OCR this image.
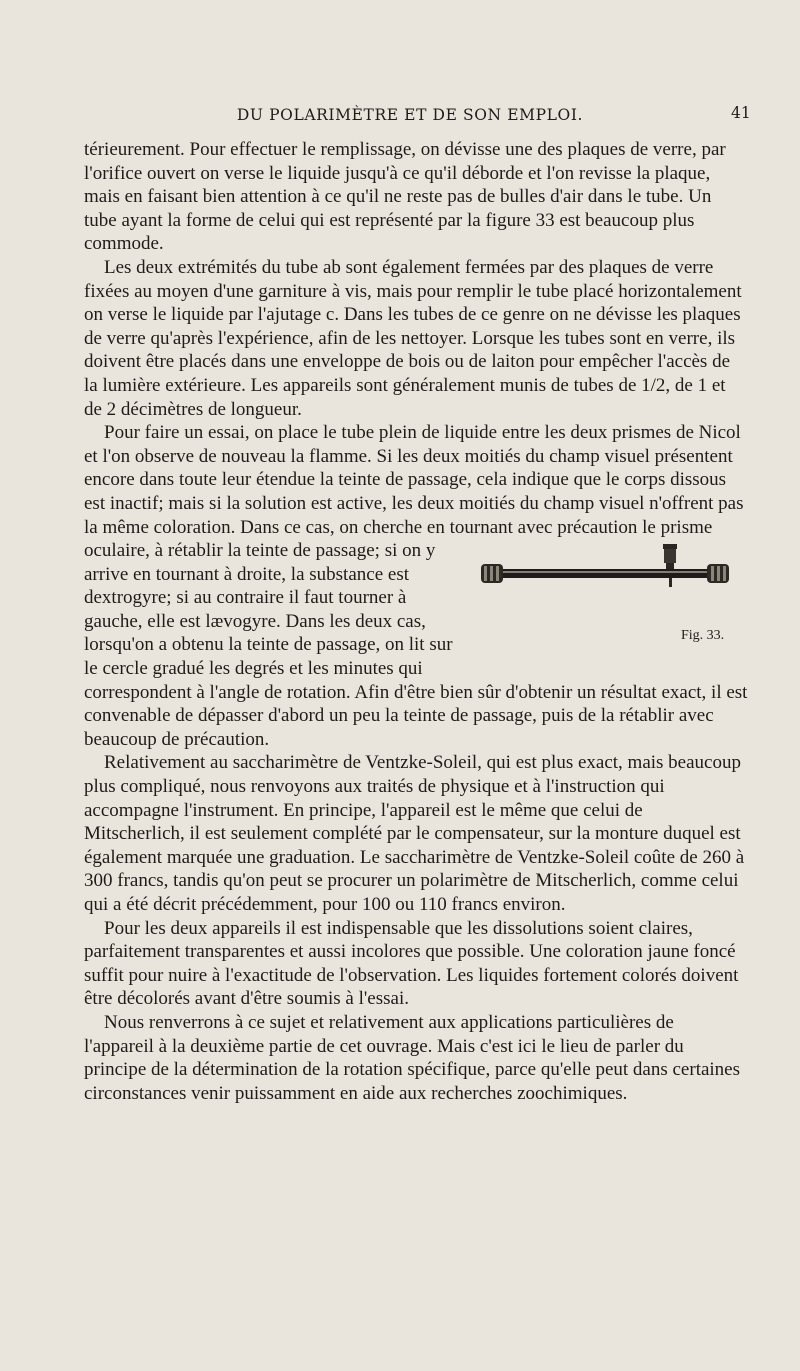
DU POLARIMÈTRE ET DE SON EMPLOI.	41

térieurement. Pour effectuer le remplissage, on dévisse une des plaques de verre, par l'orifice ouvert on verse le liquide jusqu'à ce qu'il déborde et l'on revisse la plaque, mais en faisant bien attention à ce qu'il ne reste pas de bulles d'air dans le tube. Un tube ayant la forme de celui qui est représenté par la figure 33 est beaucoup plus commode.

Les deux extrémités du tube ab sont également fermées par des plaques de verre fixées au moyen d'une garniture à vis, mais pour remplir le tube placé horizontalement on verse le liquide par l'ajutage c. Dans les tubes de ce genre on ne dévisse les plaques de verre qu'après l'expérience, afin de les nettoyer. Lorsque les tubes sont en verre, ils doivent être placés dans une enveloppe de bois ou de laiton pour empêcher l'accès de la lumière extérieure. Les appareils sont généralement munis de tubes de 1/2, de 1 et de 2 décimètres de longueur.

Pour faire un essai, on place le tube plein de liquide entre les deux prismes de Nicol et l'on observe de nouveau la flamme. Si les deux moitiés du champ visuel présentent encore dans toute leur étendue la teinte de passage, cela indique que le corps dissous est inactif; mais si la solution est active, les deux moitiés du champ visuel n'offrent pas la même coloration. Dans ce cas, on cherche en tournant
Fig. 33.
avec précaution le prisme oculaire, à rétablir la teinte de passage; si on y arrive en tournant à droite, la substance est dextrogyre; si au contraire il faut tourner à gauche, elle est lævogyre. Dans les deux cas, lorsqu'on a obtenu la teinte de passage, on lit sur le cercle gradué les degrés et les minutes qui correspondent à l'angle de rotation. Afin d'être bien sûr d'obtenir un résultat exact, il est convenable de dépasser d'abord un peu la teinte de passage, puis de la rétablir avec beaucoup de précaution.

Relativement au saccharimètre de Ventzke-Soleil, qui est plus exact, mais beaucoup plus compliqué, nous renvoyons aux traités de physique et à l'instruction qui accompagne l'instrument. En principe, l'appareil est le même que celui de Mitscherlich, il est seulement complété par le compensateur, sur la monture duquel est également marquée une graduation. Le saccharimètre de Ventzke-Soleil coûte de 260 à 300 francs, tandis qu'on peut se procurer un polarimètre de Mitscherlich, comme celui qui a été décrit précédemment, pour 100 ou 110 francs environ.

Pour les deux appareils il est indispensable que les dissolutions soient claires, parfaitement transparentes et aussi incolores que possible. Une coloration jaune foncé suffit pour nuire à l'exactitude de l'observation. Les liquides fortement colorés doivent être décolorés avant d'être soumis à l'essai.

Nous renverrons à ce sujet et relativement aux applications particulières de l'appareil à la deuxième partie de cet ouvrage. Mais c'est ici le lieu de parler du principe de la détermination de la rotation spécifique, parce qu'elle peut dans certaines circonstances venir puissamment en aide aux recherches zoochimiques.
